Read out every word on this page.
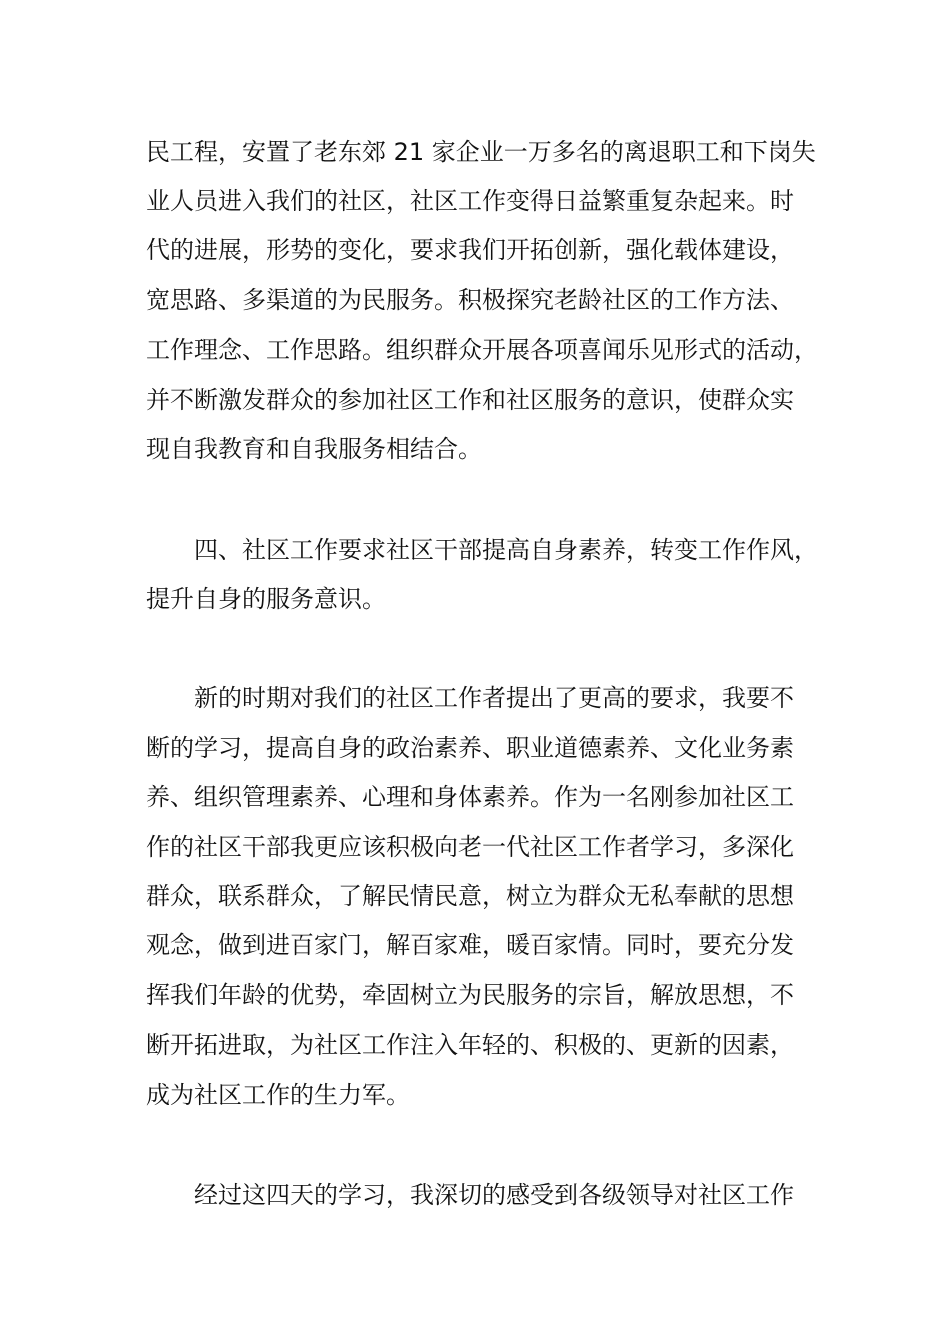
民工程，安置了老东郊 21 家企业一万多名的离退职工和下岗失
业人员进入我们的社区，社区工作变得日益繁重复杂起来。时
代的进展，形势的变化，要求我们开拓创新，强化载体建设，
宽思路、多渠道的为民服务。积极探究老龄社区的工作方法、
工作理念、工作思路。组织群众开展各项喜闻乐见形式的活动，
并不断激发群众的参加社区工作和社区服务的意识，使群众实
现自我教育和自我服务相结合。
四、社区工作要求社区干部提高自身素养，转变工作作风，
提升自身的服务意识。
新的时期对我们的社区工作者提出了更高的要求，我要不
断的学习，提高自身的政治素养、职业道德素养、文化业务素
养、组织管理素养、心理和身体素养。作为一名刚参加社区工
作的社区干部我更应该积极向老一代社区工作者学习，多深化
群众，联系群众，了解民情民意，树立为群众无私奉献的思想
观念，做到进百家门，解百家难，暖百家情。同时，要充分发
挥我们年龄的优势，牵固树立为民服务的宗旨，解放思想，不
断开拓进取，为社区工作注入年轻的、积极的、更新的因素，
成为社区工作的生力军。
经过这四天的学习，我深切的感受到各级领导对社区工作
